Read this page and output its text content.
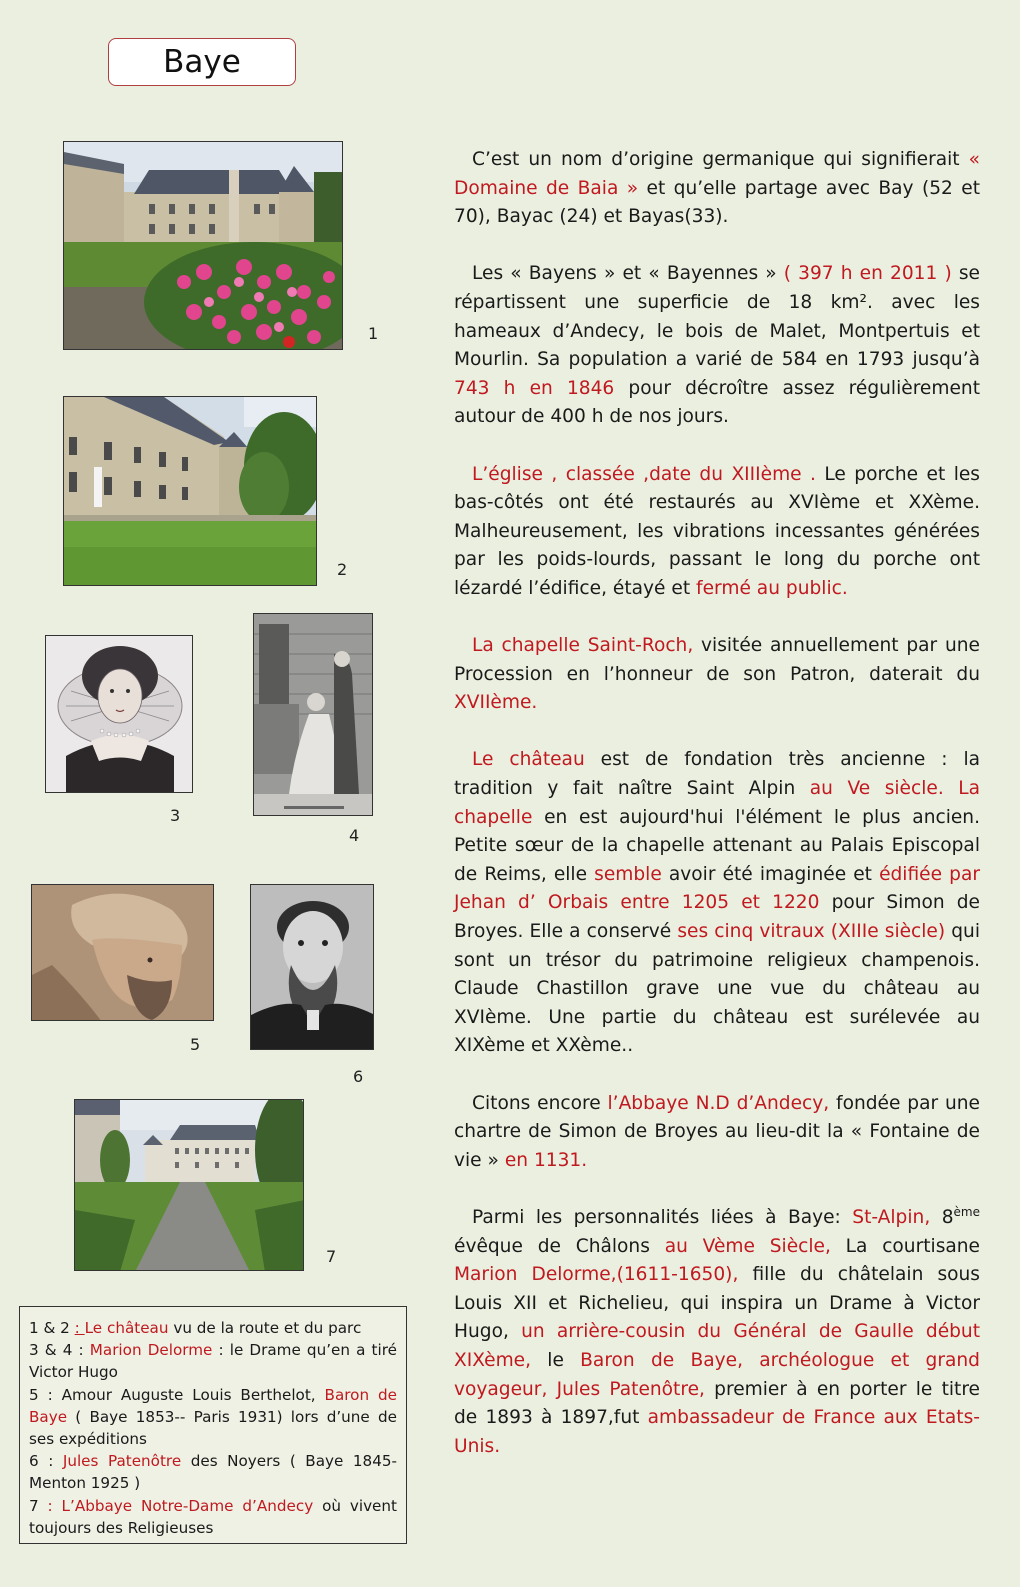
Baye
1
2
3
4
5
6
7

C’est un nom d’origine germanique qui signifierait « Domaine de Baia » et qu’elle partage avec Bay (52 et 70), Bayac (24) et Bayas(33).

Les « Bayens » et « Bayennes » ( 397 h en 2011 ) se répartissent une superficie de 18 km². avec les hameaux d’Andecy, le bois de Malet, Montpertuis et Mourlin. Sa population a varié de 584 en 1793 jusqu’à 743 h en 1846 pour décroître assez régulièrement autour de 400 h de nos jours.

L’église , classée ,date du XIIIème . Le porche et les bas-côtés ont été restaurés au XVIème et XXème. Malheureusement, les vibrations incessantes générées par les poids-lourds, passant le long du porche ont lézardé l’édifice, étayé et fermé au public.

La chapelle Saint-Roch, visitée annuellement par une Procession en l’honneur de son Patron, daterait du XVIIème.

Le château est de fondation très ancienne : la tradition y fait naître Saint Alpin au Ve siècle. La chapelle en est aujourd'hui l'élément le plus ancien. Petite sœur de la chapelle attenant au Palais Episcopal de Reims, elle semble avoir été imaginée et édifiée par Jehan d’ Orbais entre 1205 et 1220 pour Simon de Broyes. Elle a conservé ses cinq vitraux (XIIIe siècle) qui sont un trésor du patrimoine religieux champenois. Claude Chastillon grave une vue du château au XVIème. Une partie du château est surélevée au XIXème et XXème..

Citons encore l’Abbaye N.D d’Andecy, fondée par une chartre de Simon de Broyes au lieu-dit la « Fontaine de vie » en 1131.

Parmi les personnalités liées à Baye: St-Alpin, 8ème évêque de Châlons au Vème Siècle, La courtisane Marion Delorme,(1611-1650), fille du châtelain sous Louis XII et Richelieu, qui inspira un Drame à Victor Hugo, un arrière-cousin du Général de Gaulle début XIXème, le Baron de Baye, archéologue et grand voyageur, Jules Patenôtre, premier à en porter le titre de 1893 à 1897,fut ambassadeur de France aux Etats-Unis.

1 & 2 : Le château vu de la route et du parc
3 & 4 : Marion Delorme : le Drame qu’en a tiré Victor Hugo
5 : Amour Auguste Louis Berthelot, Baron de Baye ( Baye 1853-- Paris 1931) lors d’une de ses expéditions
6 : Jules Patenôtre des Noyers ( Baye 1845- Menton 1925 )
7 : L’Abbaye Notre-Dame d’Andecy où vivent toujours des Religieuses
